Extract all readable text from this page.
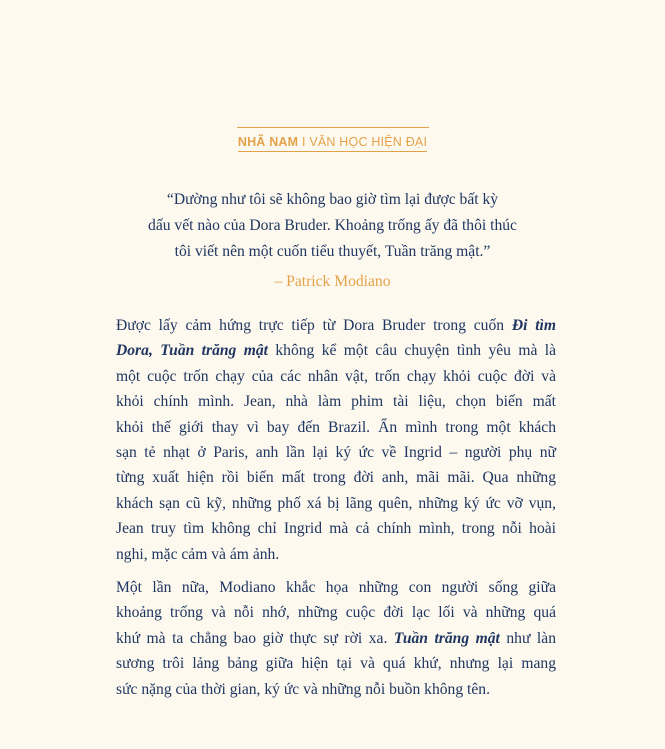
NHÃ NAM I VĂN HỌC HIỆN ĐẠI
“Dường như tôi sẽ không bao giờ tìm lại được bất kỳ
dấu vết nào của Dora Bruder. Khoảng trống ấy đã thôi thúc
tôi viết nên một cuốn tiểu thuyết, Tuần trăng mật.”
– Patrick Modiano

Được lấy cảm hứng trực tiếp từ Dora Bruder trong cuốn Đi tìm
Dora, Tuần trăng mật không kể một câu chuyện tình yêu mà là
một cuộc trốn chạy của các nhân vật, trốn chạy khỏi cuộc đời và
khỏi chính mình. Jean, nhà làm phim tài liệu, chọn biến mất
khỏi thế giới thay vì bay đến Brazil. Ẩn mình trong một khách
sạn tẻ nhạt ở Paris, anh lần lại ký ức về Ingrid – người phụ nữ
từng xuất hiện rồi biến mất trong đời anh, mãi mãi. Qua những
khách sạn cũ kỹ, những phố xá bị lãng quên, những ký ức vỡ vụn,
Jean truy tìm không chỉ Ingrid mà cả chính mình, trong nỗi hoài
nghi, mặc cảm và ám ảnh.

Một lần nữa, Modiano khắc họa những con người sống giữa
khoảng trống và nỗi nhớ, những cuộc đời lạc lối và những quá
khứ mà ta chẳng bao giờ thực sự rời xa. Tuần trăng mật như làn
sương trôi lảng bảng giữa hiện tại và quá khứ, nhưng lại mang
sức nặng của thời gian, ký ức và những nỗi buồn không tên.
